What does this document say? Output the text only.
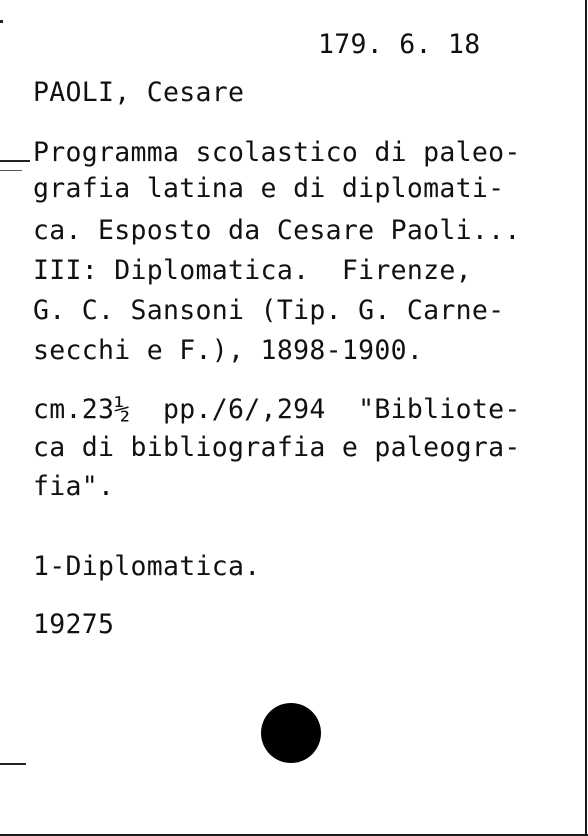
179. 6. 18
PAOLI, Cesare
Programma scolastico di paleo-
grafia latina e di diplomati-
ca. Esposto da Cesare Paoli...
III: Diplomatica.  Firenze,
G. C. Sansoni (Tip. G. Carne-
secchi e F.), 1898-1900.
cm.23½  pp./6/,294  "Bibliote-
ca di bibliografia e paleogra-
fia".
1-Diplomatica.
19275
